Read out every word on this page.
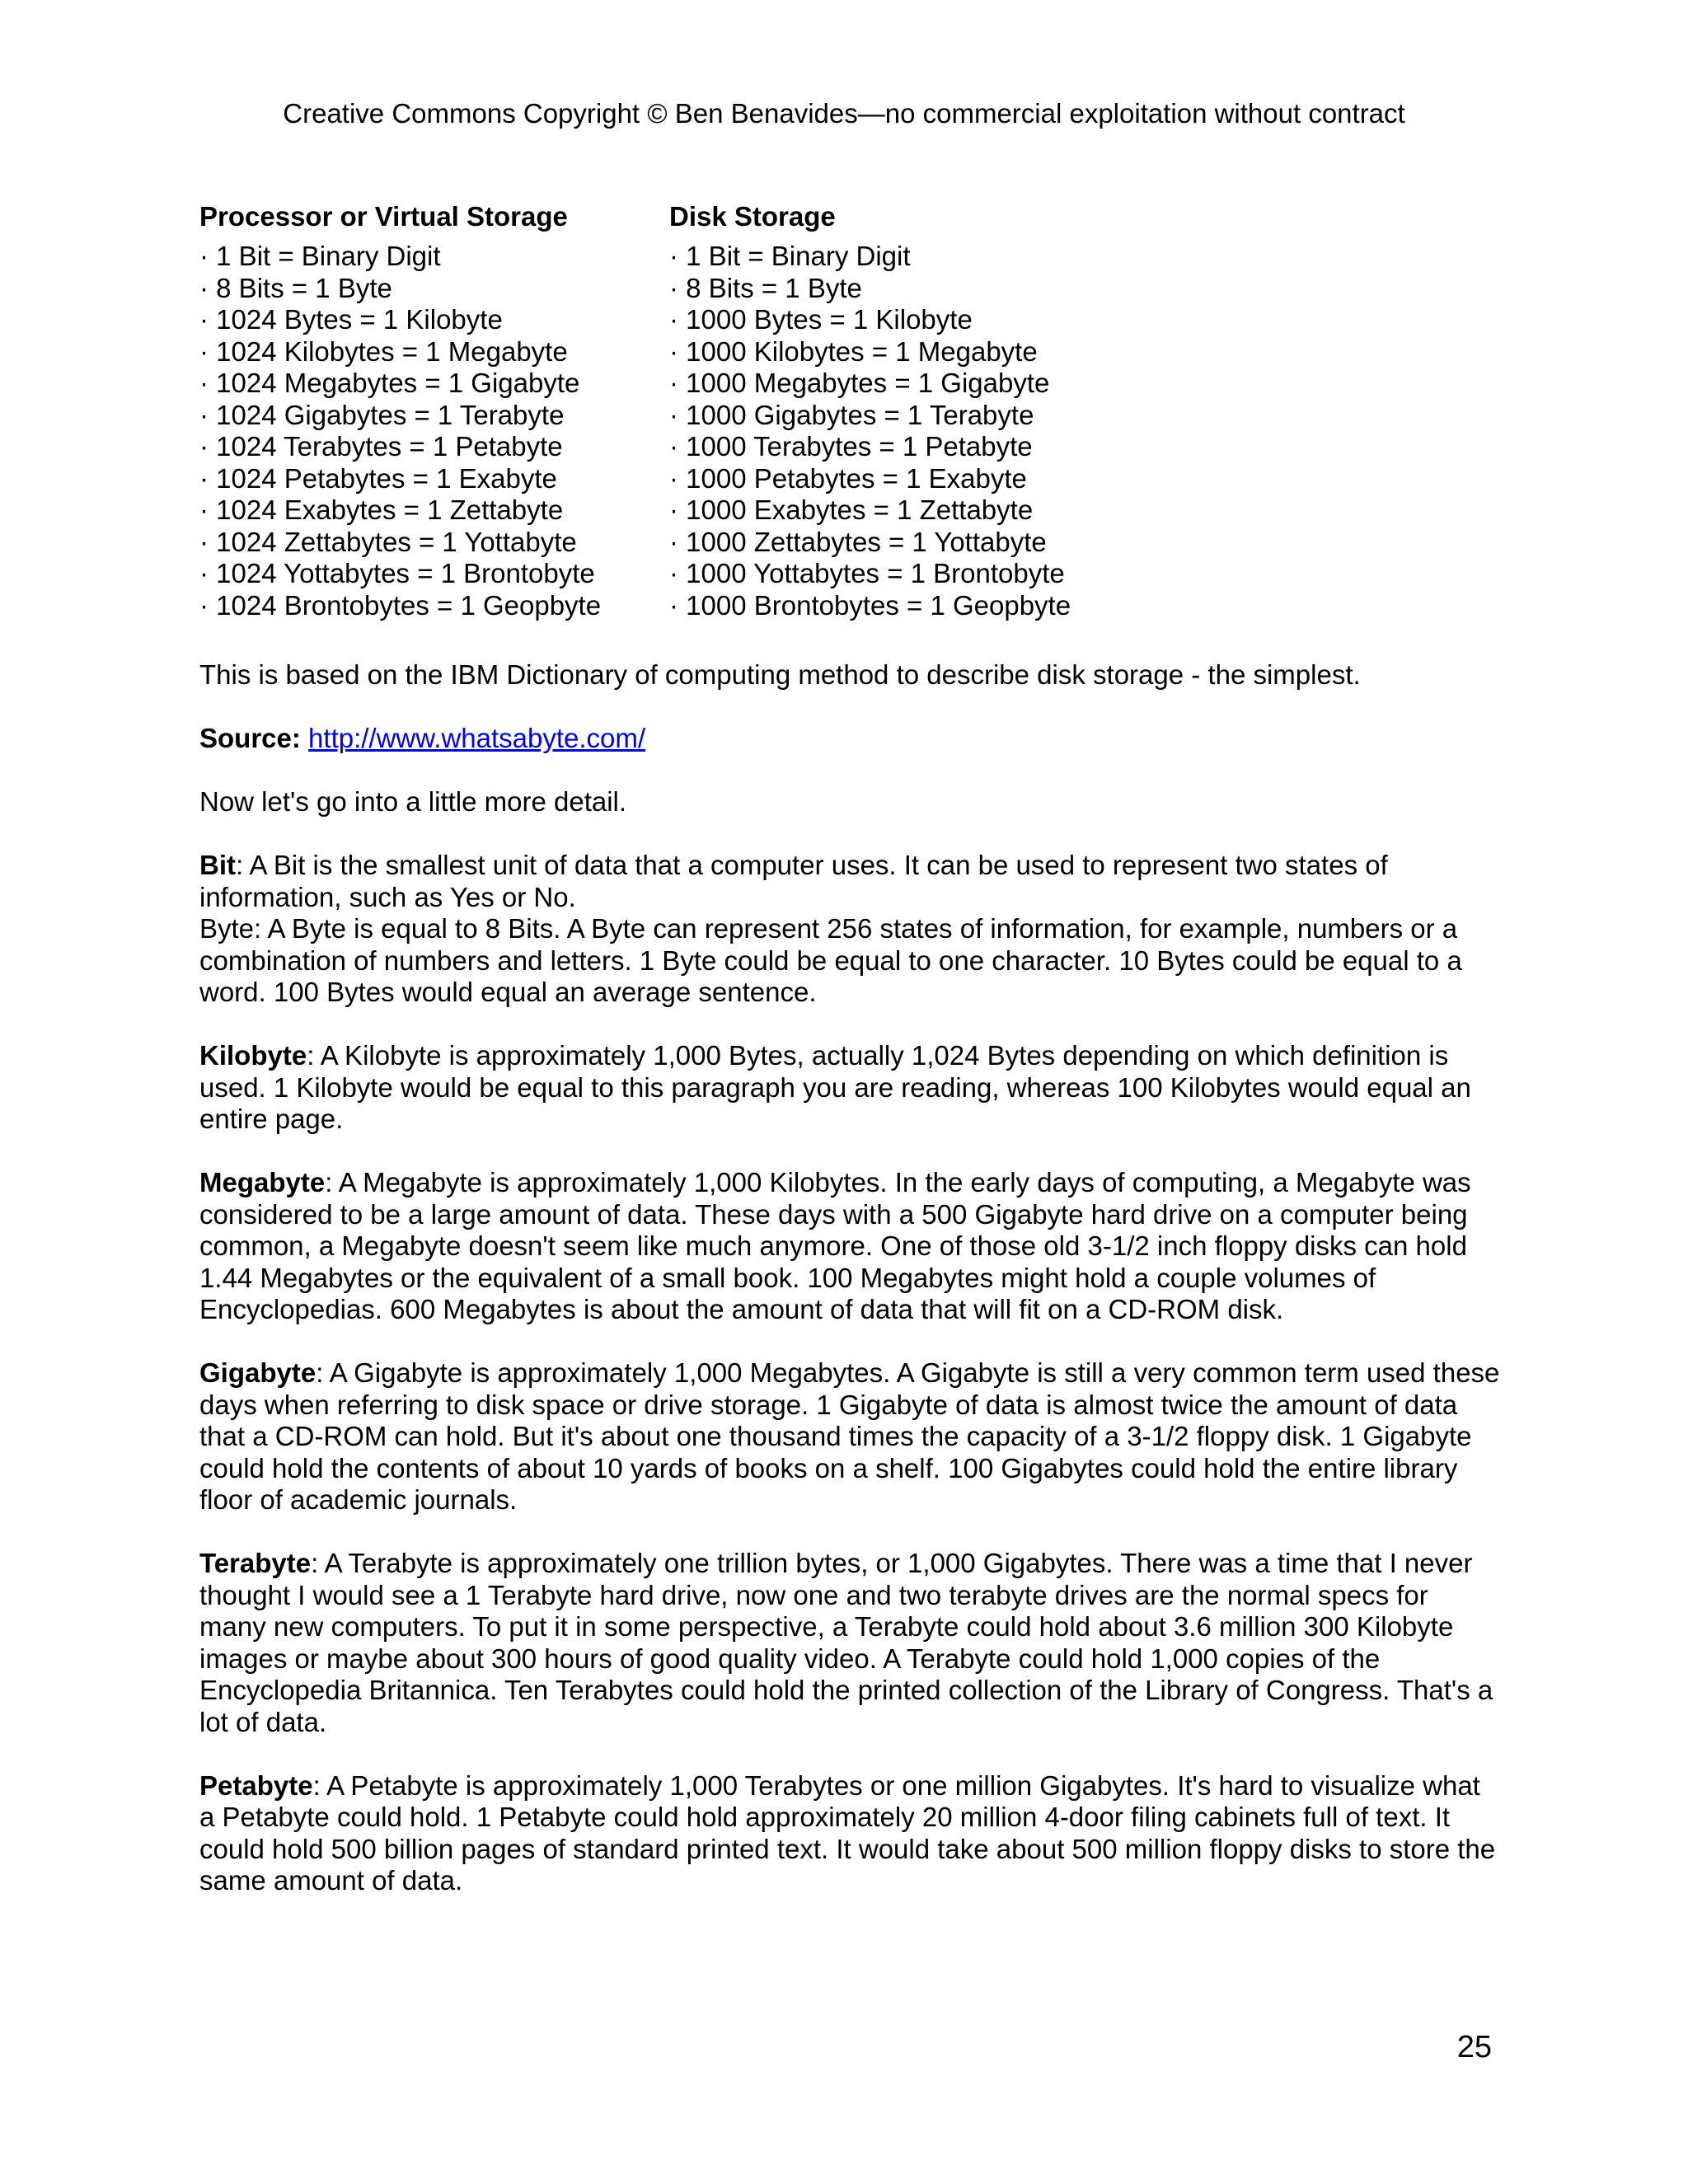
Creative Commons Copyright © Ben Benavides—no commercial exploitation without contract
Processor or Virtual Storage
· 1 Bit = Binary Digit
· 8 Bits = 1 Byte
· 1024 Bytes = 1 Kilobyte
· 1024 Kilobytes = 1 Megabyte
· 1024 Megabytes = 1 Gigabyte
· 1024 Gigabytes = 1 Terabyte
· 1024 Terabytes = 1 Petabyte
· 1024 Petabytes = 1 Exabyte
· 1024 Exabytes = 1 Zettabyte
· 1024 Zettabytes = 1 Yottabyte
· 1024 Yottabytes = 1 Brontobyte
· 1024 Brontobytes = 1 Geopbyte
Disk Storage
· 1 Bit = Binary Digit
· 8 Bits = 1 Byte
· 1000 Bytes = 1 Kilobyte
· 1000 Kilobytes = 1 Megabyte
· 1000 Megabytes = 1 Gigabyte
· 1000 Gigabytes = 1 Terabyte
· 1000 Terabytes = 1 Petabyte
· 1000 Petabytes = 1 Exabyte
· 1000 Exabytes = 1 Zettabyte
· 1000 Zettabytes = 1 Yottabyte
· 1000 Yottabytes = 1 Brontobyte
· 1000 Brontobytes = 1 Geopbyte

This is based on the IBM Dictionary of computing method to describe disk storage - the simplest.

Source: http://www.whatsabyte.com/

Now let's go into a little more detail.

Bit: A Bit is the smallest unit of data that a computer uses. It can be used to represent two states of information, such as Yes or No.

Byte: A Byte is equal to 8 Bits. A Byte can represent 256 states of information, for example, numbers or a combination of numbers and letters. 1 Byte could be equal to one character. 10 Bytes could be equal to a word. 100 Bytes would equal an average sentence.

Kilobyte: A Kilobyte is approximately 1,000 Bytes, actually 1,024 Bytes depending on which definition is used. 1 Kilobyte would be equal to this paragraph you are reading, whereas 100 Kilobytes would equal an entire page.

Megabyte: A Megabyte is approximately 1,000 Kilobytes. In the early days of computing, a Megabyte was considered to be a large amount of data. These days with a 500 Gigabyte hard drive on a computer being common, a Megabyte doesn't seem like much anymore. One of those old 3-1/2 inch floppy disks can hold 1.44 Megabytes or the equivalent of a small book. 100 Megabytes might hold a couple volumes of Encyclopedias. 600 Megabytes is about the amount of data that will fit on a CD-ROM disk.

Gigabyte: A Gigabyte is approximately 1,000 Megabytes. A Gigabyte is still a very common term used these days when referring to disk space or drive storage. 1 Gigabyte of data is almost twice the amount of data that a CD-ROM can hold. But it's about one thousand times the capacity of a 3-1/2 floppy disk. 1 Gigabyte could hold the contents of about 10 yards of books on a shelf. 100 Gigabytes could hold the entire library floor of academic journals.

Terabyte: A Terabyte is approximately one trillion bytes, or 1,000 Gigabytes. There was a time that I never thought I would see a 1 Terabyte hard drive, now one and two terabyte drives are the normal specs for many new computers. To put it in some perspective, a Terabyte could hold about 3.6 million 300 Kilobyte images or maybe about 300 hours of good quality video. A Terabyte could hold 1,000 copies of the Encyclopedia Britannica. Ten Terabytes could hold the printed collection of the Library of Congress. That's a lot of data.

Petabyte: A Petabyte is approximately 1,000 Terabytes or one million Gigabytes. It's hard to visualize what a Petabyte could hold. 1 Petabyte could hold approximately 20 million 4-door filing cabinets full of text. It could hold 500 billion pages of standard printed text. It would take about 500 million floppy disks to store the same amount of data.

25
